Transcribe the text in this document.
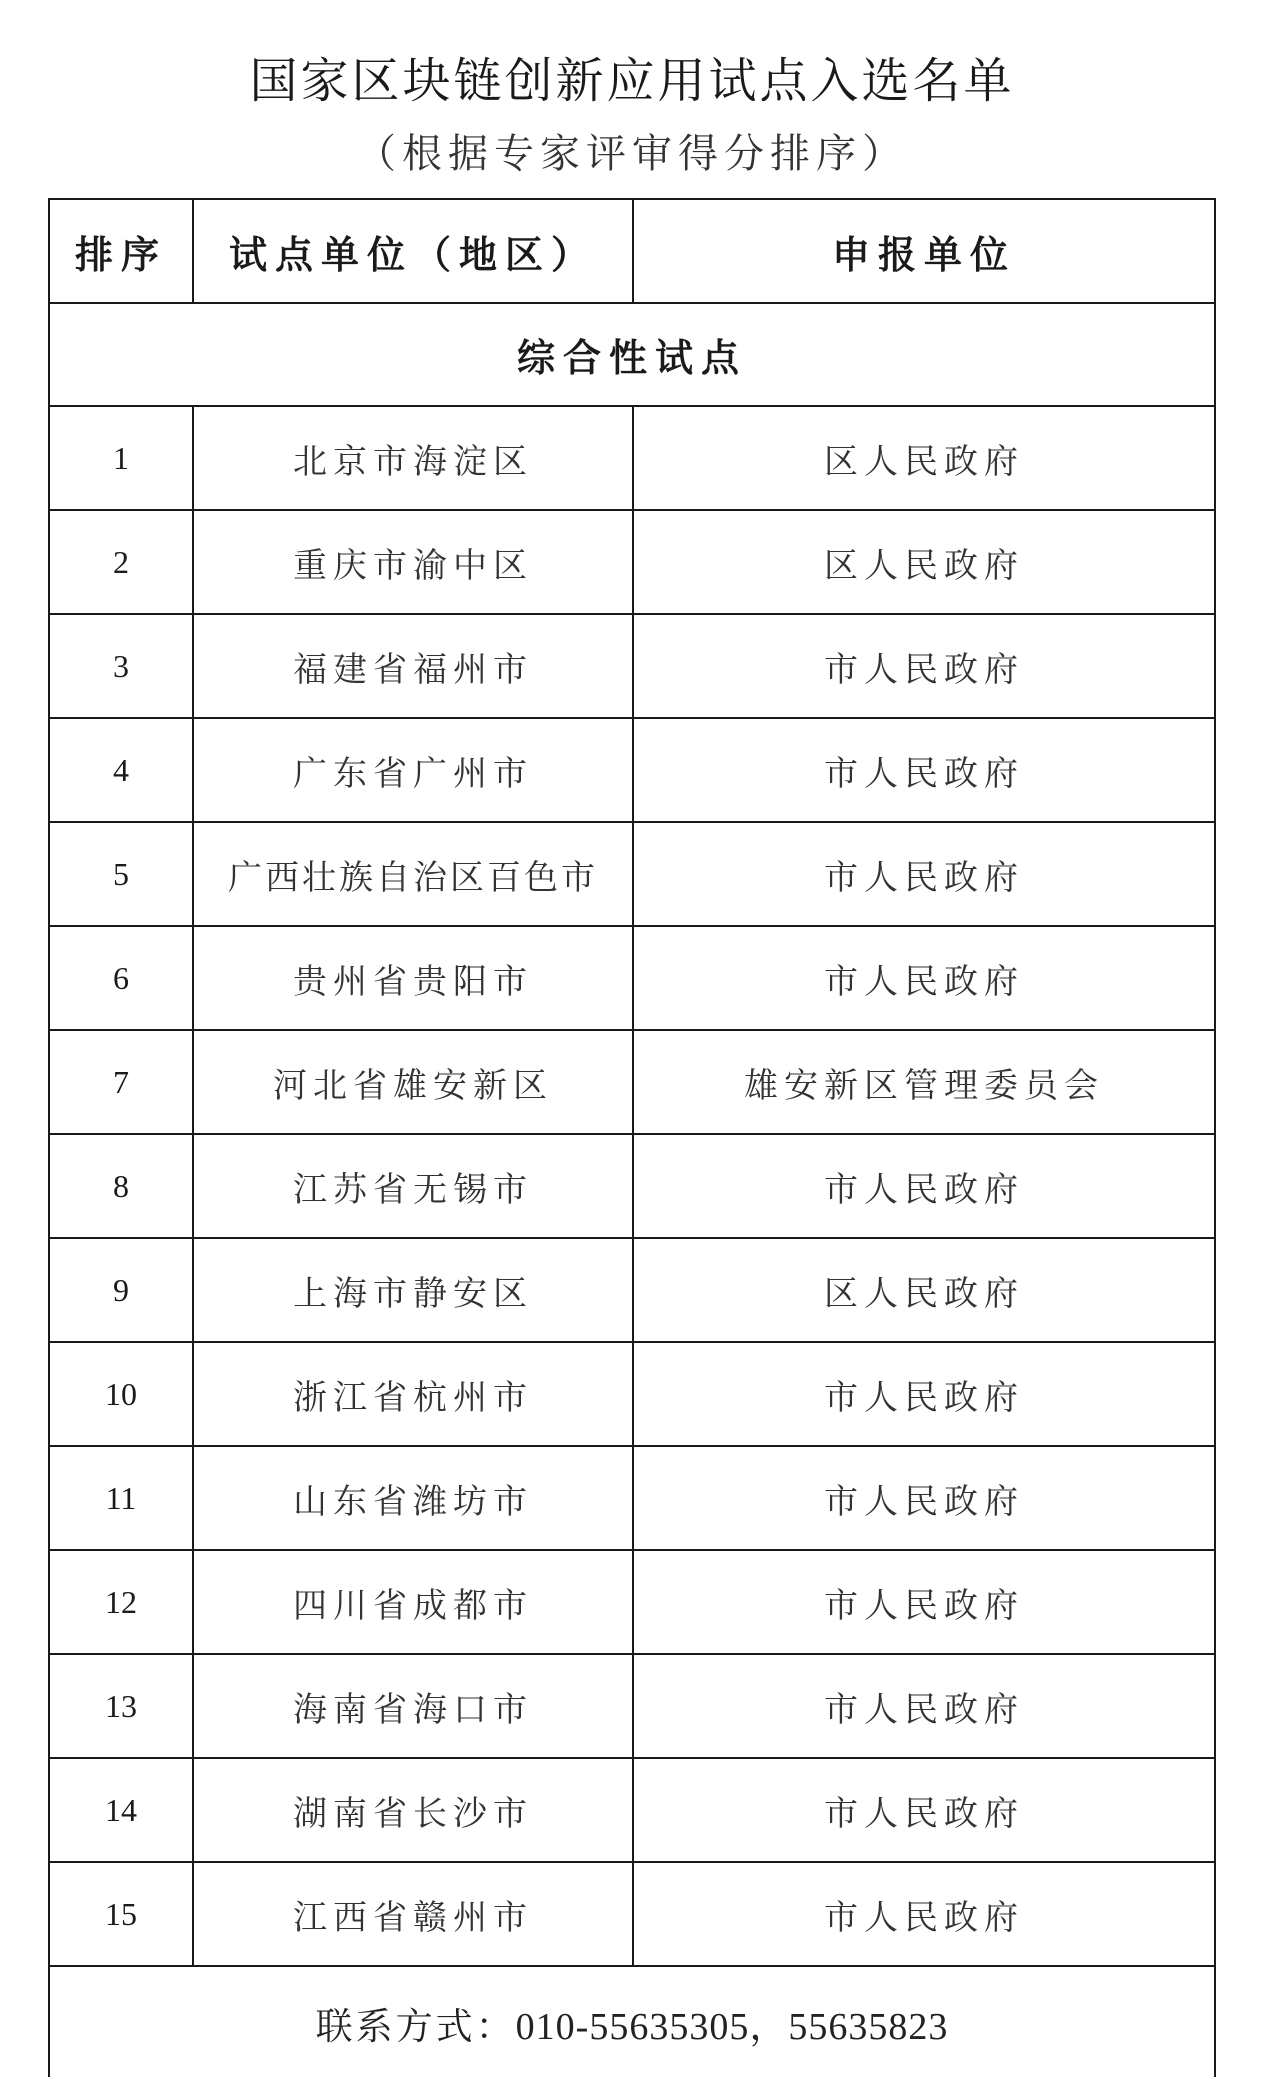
国家区块链创新应用试点入选名单
（根据专家评审得分排序）
排序	试点单位（地区）	申报单位
综合性试点		
1	北京市海淀区	区人民政府
2	重庆市渝中区	区人民政府
3	福建省福州市	市人民政府
4	广东省广州市	市人民政府
5	广西壮族自治区百色市	市人民政府
6	贵州省贵阳市	市人民政府
7	河北省雄安新区	雄安新区管理委员会
8	江苏省无锡市	市人民政府
9	上海市静安区	区人民政府
10	浙江省杭州市	市人民政府
11	山东省潍坊市	市人民政府
12	四川省成都市	市人民政府
13	海南省海口市	市人民政府
14	湖南省长沙市	市人民政府
15	江西省赣州市	市人民政府
联系方式：010-55635305，55635823		
